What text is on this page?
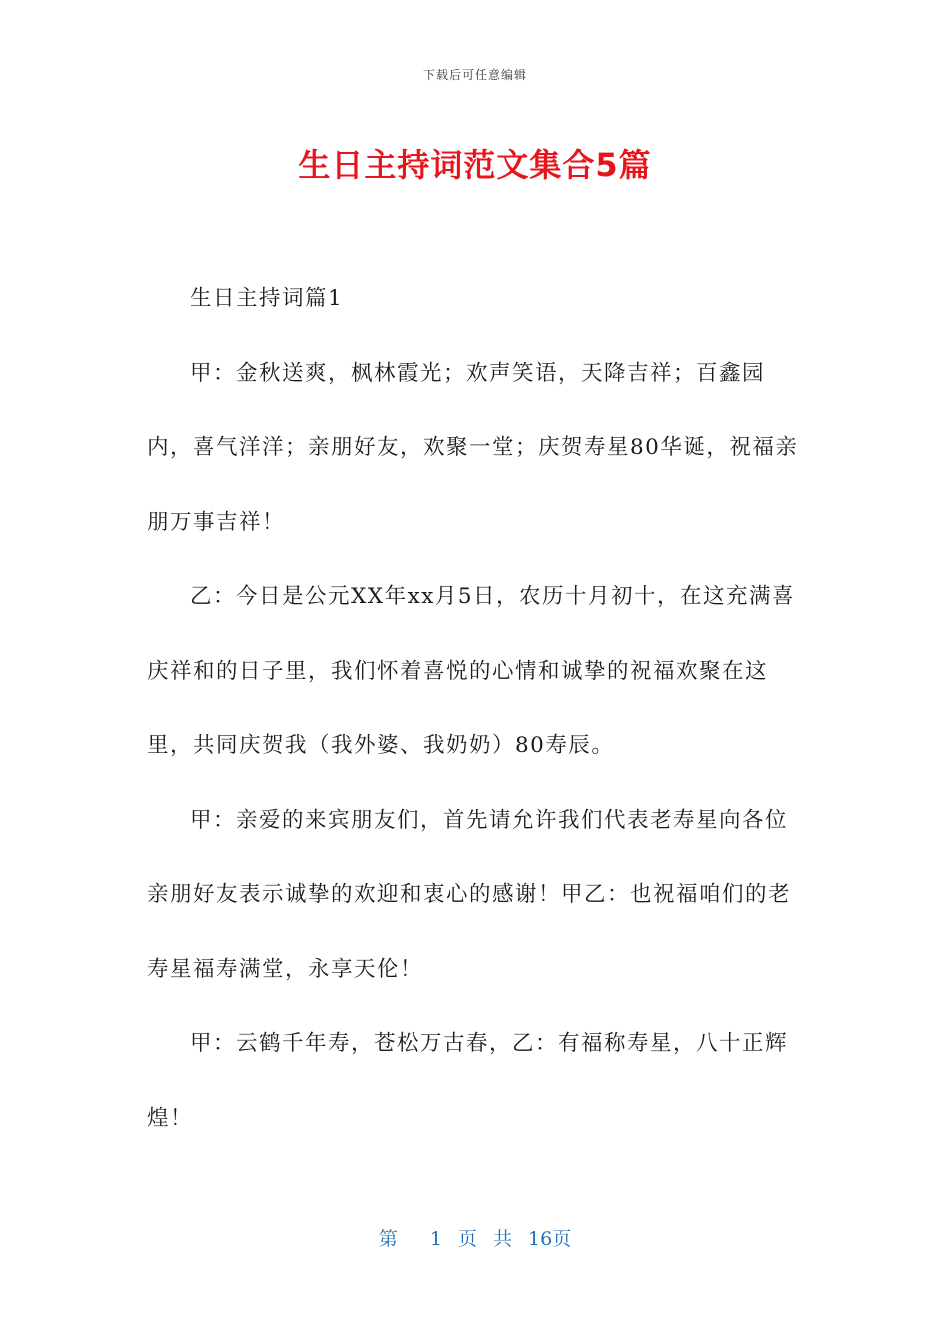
下载后可任意编辑
生日主持词范文集合5篇

生日主持词篇1

甲：金秋送爽，枫林霞光；欢声笑语，天降吉祥；百鑫园内，喜气洋洋；亲朋好友，欢聚一堂；庆贺寿星80华诞，祝福亲朋万事吉祥！

乙：今日是公元XX年xx月5日，农历十月初十，在这充满喜庆祥和的日子里，我们怀着喜悦的心情和诚挚的祝福欢聚在这里，共同庆贺我（我外婆、我奶奶）80寿辰。

甲：亲爱的来宾朋友们，首先请允许我们代表老寿星向各位亲朋好友表示诚挚的欢迎和衷心的感谢！甲乙：也祝福咱们的老寿星福寿满堂，永享天伦！

甲：云鹤千年寿，苍松万古春，乙：有福称寿星，八十正辉煌！

第  1 页 共 16页
